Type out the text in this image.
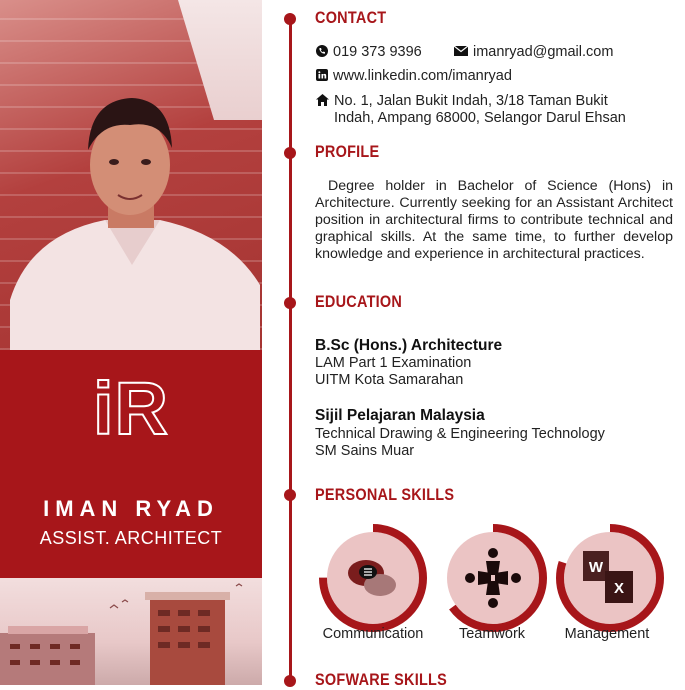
iR
IMAN RYAD
ASSIST. ARCHITECT
CONTACT
019 373 9396	imanryad@gmail.com
www.linkedin.com/imanryad
No. 1, Jalan Bukit Indah, 3/18 Taman Bukit
Indah, Ampang 68000, Selangor Darul Ehsan
PROFILE
Degree holder in Bachelor of Science (Hons) in Architecture. Currently seeking for an Assistant Architect position in architectural firms to contribute technical and graphical skills. At the same time, to further develop knowledge and experience in architectural practices.
EDUCATION
B.Sc (Hons.) Architecture
LAM Part 1 Examination
UITM Kota Samarahan
Sijil Pelajaran Malaysia
Technical Drawing & Engineering Technology
SM Sains Muar
PERSONAL SKILLS
Communication	Teamwork
W
X
Management
SOFWARE SKILLS
